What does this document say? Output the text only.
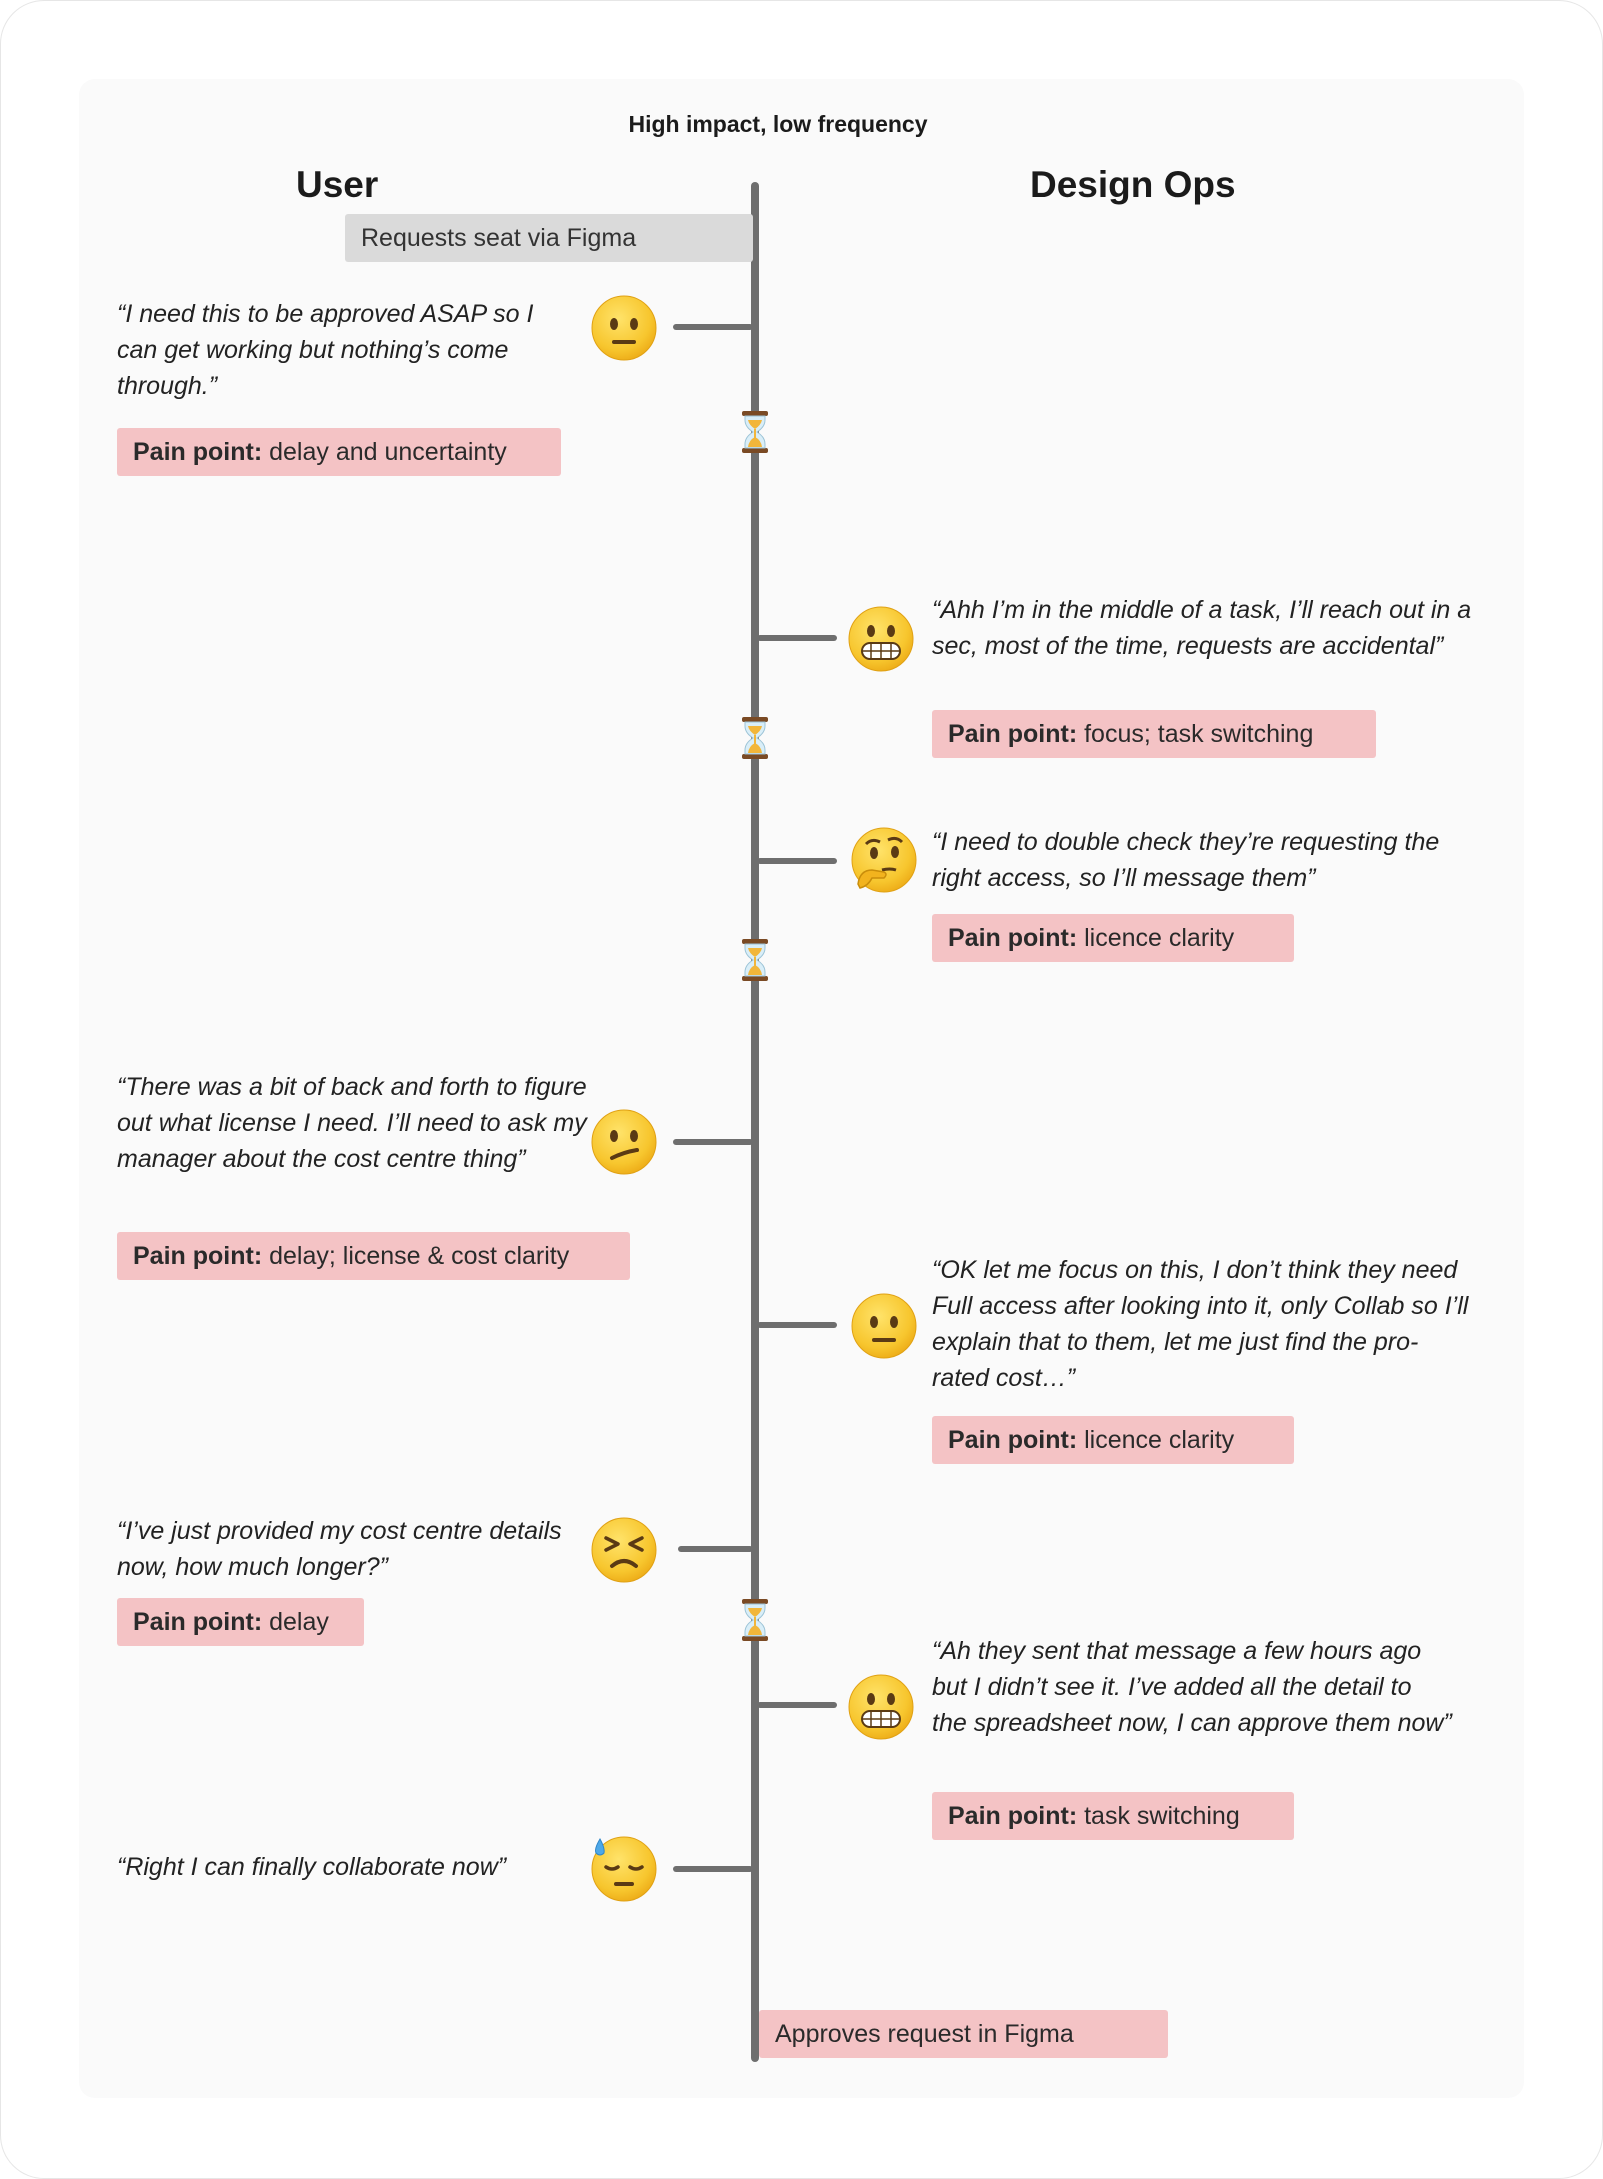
High impact, low frequency
User	Design Ops
Requests seat via Figma
Approves request in Figma
“I need this to be approved ASAP so I can get working but nothing’s come through.”
Pain point: delay and uncertainty
“Ahh I’m in the middle of a task, I’ll reach out in a sec, most of the time, requests are accidental”
Pain point: focus; task switching
“I need to double check they’re requesting the right access, so I’ll message them”
Pain point: licence clarity
“There was a bit of back and forth to figure out what license I need. I’ll need to ask my manager about the cost centre thing”
Pain point: delay; license & cost clarity	“OK let me focus on this, I don’t think they need Full access after looking into it, only Collab so I’ll explain that to them, let me just find the pro-rated cost…”
Pain point: licence clarity
“I’ve just provided my cost centre details now, how much longer?”
Pain point: delay
“Ah they sent that message a few hours ago but I didn’t see it. I’ve added all the detail to the spreadsheet now, I can approve them now”
Pain point: task switching
“Right I can finally collaborate now”
